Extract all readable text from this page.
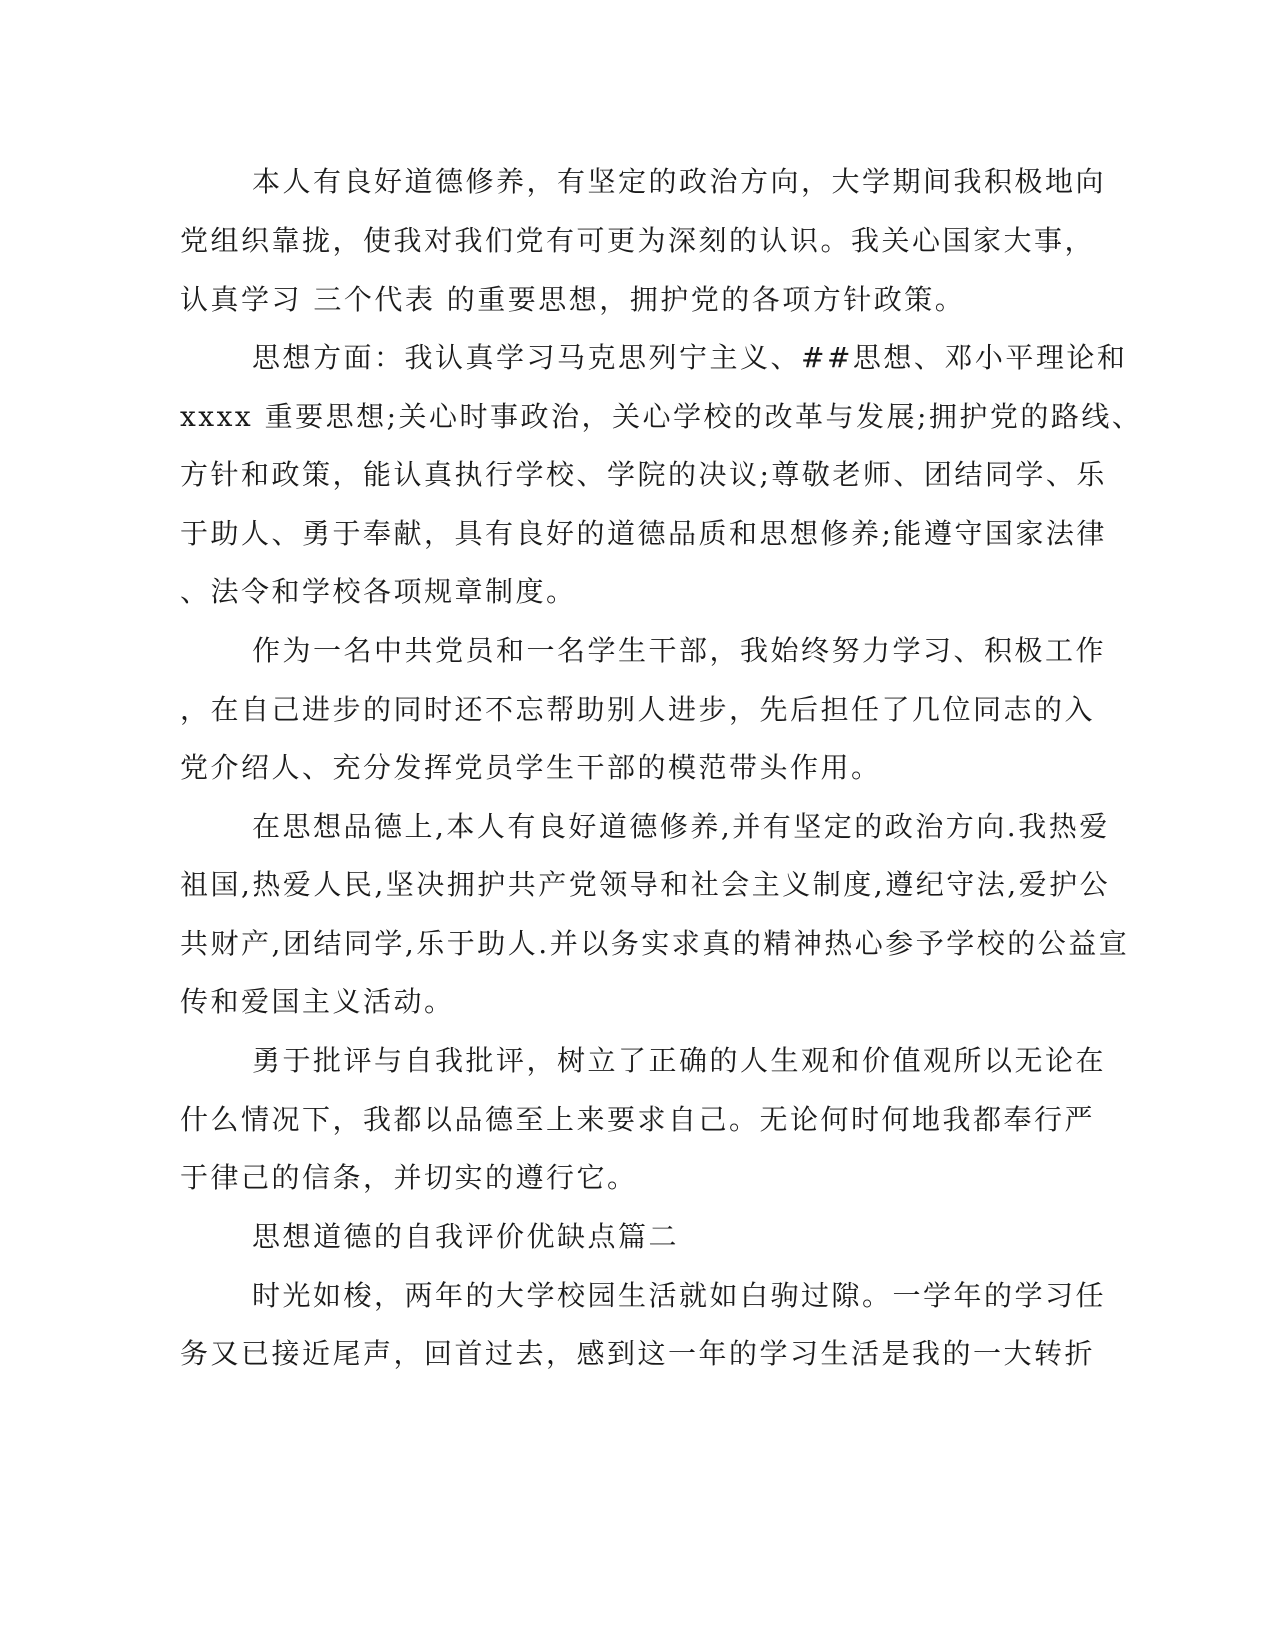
本人有良好道德修养，有坚定的政治方向，大学期间我积极地向
党组织靠拢，使我对我们党有可更为深刻的认识。我关心国家大事，
认真学习 三个代表 的重要思想，拥护党的各项方针政策。
思想方面：我认真学习马克思列宁主义、##思想、邓小平理论和
xxxx 重要思想;关心时事政治，关心学校的改革与发展;拥护党的路线、
方针和政策，能认真执行学校、学院的决议;尊敬老师、团结同学、乐
于助人、勇于奉献，具有良好的道德品质和思想修养;能遵守国家法律
、法令和学校各项规章制度。
作为一名中共党员和一名学生干部，我始终努力学习、积极工作
，在自己进步的同时还不忘帮助别人进步，先后担任了几位同志的入
党介绍人、充分发挥党员学生干部的模范带头作用。
在思想品德上,本人有良好道德修养,并有坚定的政治方向.我热爱
祖国,热爱人民,坚决拥护共产党领导和社会主义制度,遵纪守法,爱护公
共财产,团结同学,乐于助人.并以务实求真的精神热心参予学校的公益宣
传和爱国主义活动。
勇于批评与自我批评，树立了正确的人生观和价值观所以无论在
什么情况下，我都以品德至上来要求自己。无论何时何地我都奉行严
于律己的信条，并切实的遵行它。
思想道德的自我评价优缺点篇二
时光如梭，两年的大学校园生活就如白驹过隙。一学年的学习任
务又已接近尾声，回首过去，感到这一年的学习生活是我的一大转折
